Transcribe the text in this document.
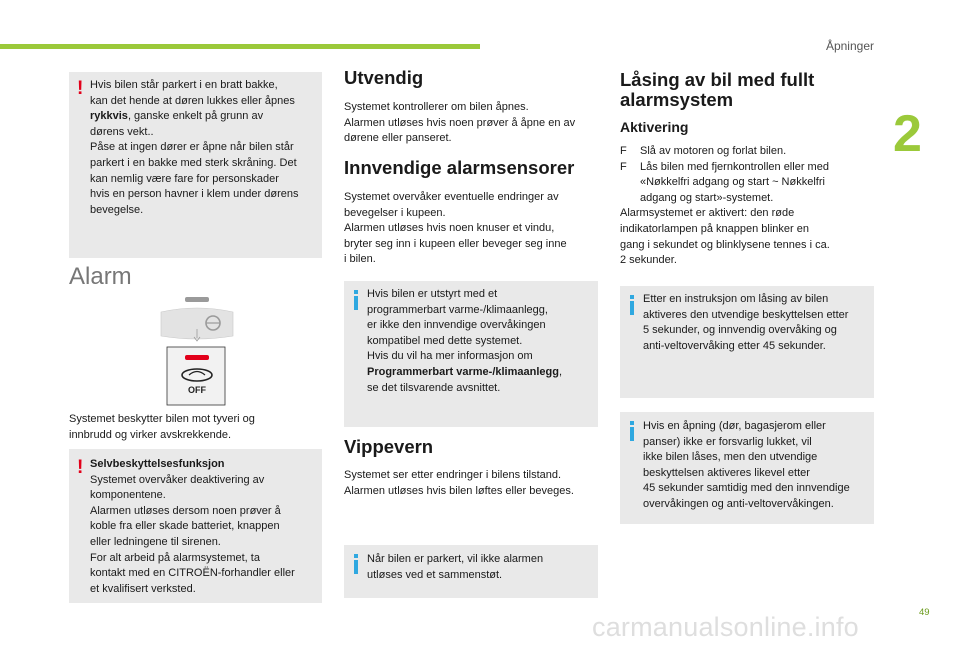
Åpninger
2
49
carmanualsonline.info
! Hvis bilen står parkert i en bratt bakke,

kan det hende at døren lukkes eller åpnes

rykkvis, ganske enkelt på grunn av

dørens vekt..

Påse at ingen dører er åpne når bilen står

parkert i en bakke med sterk skråning. Det

kan nemlig være fare for personskader

hvis en person havner i klem under dørens

bevegelse.

Alarm
OFF

Systemet beskytter bilen mot tyveri og

innbrudd og virker avskrekkende.

! Selvbeskyttelsesfunksjon

Systemet overvåker deaktivering av

komponentene.

Alarmen utløses dersom noen prøver å

koble fra eller skade batteriet, knappen

eller ledningene til sirenen.

For alt arbeid på alarmsystemet, ta

kontakt med en CITROËN-forhandler eller

et kvalifisert verksted.

Utvendig

Systemet kontrollerer om bilen åpnes.

Alarmen utløses hvis noen prøver å åpne en av

dørene eller panseret.

Innvendige alarmsensorer

Systemet overvåker eventuelle endringer av

bevegelser i kupeen.

Alarmen utløses hvis noen knuser et vindu,

bryter seg inn i kupeen eller beveger seg inne

i bilen.

Hvis bilen er utstyrt med et

programmerbart varme-/klimaanlegg,

er ikke den innvendige overvåkingen

kompatibel med dette systemet.

Hvis du vil ha mer informasjon om

Programmerbart varme-/klimaanlegg,

se det tilsvarende avsnittet.

Vippevern

Systemet ser etter endringer i bilens tilstand.

Alarmen utløses hvis bilen løftes eller beveges.

Når bilen er parkert, vil ikke alarmen

utløses ved et sammenstøt.

Låsing av bil med fullt
alarmsystem
Aktivering
F	Slå av motoren og forlat bilen.
F	Lås bilen med fjernkontrollen eller med
«Nøkkelfri adgang og start ~ Nøkkelfri
adgang og start»-systemet.

Alarmsystemet er aktivert: den røde

indikatorlampen på knappen blinker en

gang i sekundet og blinklysene tennes i ca.

2 sekunder.

Etter en instruksjon om låsing av bilen

aktiveres den utvendige beskyttelsen etter

5 sekunder, og innvendig overvåking og

anti-veltovervåking etter 45 sekunder.

Hvis en åpning (dør, bagasjerom eller

panser) ikke er forsvarlig lukket, vil

ikke bilen låses, men den utvendige

beskyttelsen aktiveres likevel etter

45 sekunder samtidig med den innvendige

overvåkingen og anti-veltovervåkingen.
